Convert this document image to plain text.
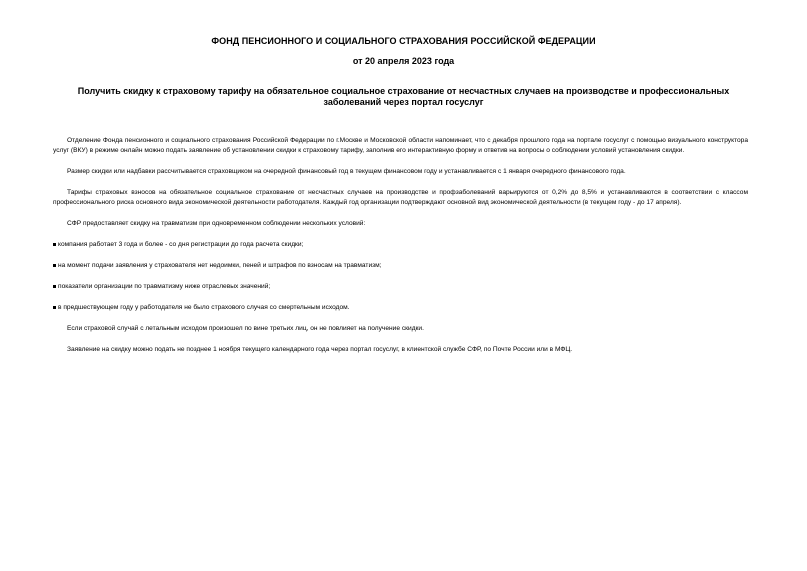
ФОНД ПЕНСИОННОГО И СОЦИАЛЬНОГО СТРАХОВАНИЯ РОССИЙСКОЙ ФЕДЕРАЦИИ
от 20 апреля 2023 года
Получить скидку к страховому тарифу на обязательное социальное страхование от несчастных случаев на производстве и профессиональных заболеваний через портал госуслуг

Отделение Фонда пенсионного и социального страхования Российской Федерации по г.Москве и Московской области напоминает, что с декабря прошлого года на портале госуслуг с помощью визуального конструктора услуг (ВКУ) в режиме онлайн можно подать заявление об установлении скидки к страховому тарифу, заполнив его интерактивную форму и ответив на вопросы о соблюдении условий установления скидки.

Размер скидки или надбавки рассчитывается страховщиком на очередной финансовый год в текущем финансовом году и устанавливается с 1 января очередного финансового года.

Тарифы страховых взносов на обязательное социальное страхование от несчастных случаев на производстве и профзаболеваний варьируются от 0,2% до 8,5% и устанавливаются в соответствии с классом профессионального риска основного вида экономической деятельности работодателя. Каждый год организации подтверждают основной вид экономической деятельности (в текущем году - до 17 апреля).

СФР предоставляет скидку на травматизм при одновременном соблюдении нескольких условий:

компания работает 3 года и более - со дня регистрации до года расчета скидки;
на момент подачи заявления у страхователя нет недоимки, пеней и штрафов по взносам на травматизм;
показатели организации по травматизму ниже отраслевых значений;
в предшествующем году у работодателя не было страхового случая со смертельным исходом.

Если страховой случай с летальным исходом произошел по вине третьих лиц, он не повлияет на получение скидки.

Заявление на скидку можно подать не позднее 1 ноября текущего календарного года через портал госуслуг, в клиентской службе СФР, по Почте России или в МФЦ.
